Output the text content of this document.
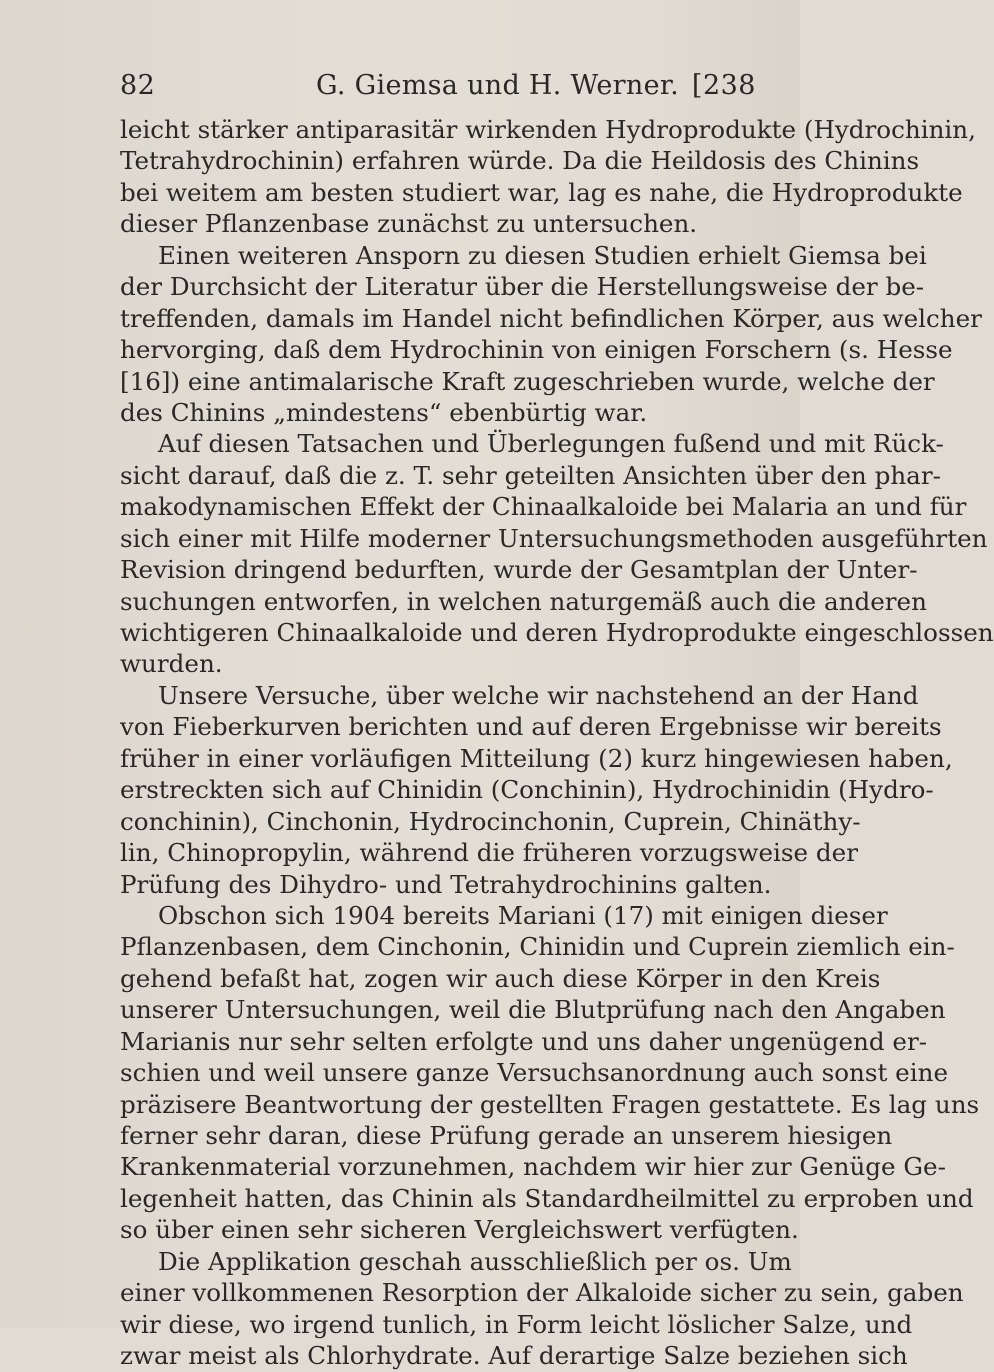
82	G. Giemsa und H. Werner. [238
leicht stärker antiparasitär wirkenden Hydroprodukte (Hydrochinin,
Tetrahydrochinin) erfahren würde. Da die Heildosis des Chinins
bei weitem am besten studiert war, lag es nahe, die Hydroprodukte
dieser Pflanzenbase zunächst zu untersuchen.
Einen weiteren Ansporn zu diesen Studien erhielt Giemsa bei
der Durchsicht der Literatur über die Herstellungsweise der be-
treffenden, damals im Handel nicht befindlichen Körper, aus welcher
hervorging, daß dem Hydrochinin von einigen Forschern (s. Hesse
[16]) eine antimalarische Kraft zugeschrieben wurde, welche der
des Chinins „mindestens“ ebenbürtig war.
Auf diesen Tatsachen und Überlegungen fußend und mit Rück-
sicht darauf, daß die z. T. sehr geteilten Ansichten über den phar-
makodynamischen Effekt der Chinaalkaloide bei Malaria an und für
sich einer mit Hilfe moderner Untersuchungsmethoden ausgeführten
Revision dringend bedurften, wurde der Gesamtplan der Unter-
suchungen entworfen, in welchen naturgemäß auch die anderen
wichtigeren Chinaalkaloide und deren Hydroprodukte eingeschlossen
wurden.
Unsere Versuche, über welche wir nachstehend an der Hand
von Fieberkurven berichten und auf deren Ergebnisse wir bereits
früher in einer vorläufigen Mitteilung (2) kurz hingewiesen haben,
erstreckten sich auf Chinidin (Conchinin), Hydrochinidin (Hydro-
conchinin), Cinchonin, Hydrocinchonin, Cuprein, Chinäthy-
lin, Chinopropylin, während die früheren vorzugsweise der
Prüfung des Dihydro- und Tetrahydrochinins galten.
Obschon sich 1904 bereits Mariani (17) mit einigen dieser
Pflanzenbasen, dem Cinchonin, Chinidin und Cuprein ziemlich ein-
gehend befaßt hat, zogen wir auch diese Körper in den Kreis
unserer Untersuchungen, weil die Blutprüfung nach den Angaben
Marianis nur sehr selten erfolgte und uns daher ungenügend er-
schien und weil unsere ganze Versuchsanordnung auch sonst eine
präzisere Beantwortung der gestellten Fragen gestattete. Es lag uns
ferner sehr daran, diese Prüfung gerade an unserem hiesigen
Krankenmaterial vorzunehmen, nachdem wir hier zur Genüge Ge-
legenheit hatten, das Chinin als Standardheilmittel zu erproben und
so über einen sehr sicheren Vergleichswert verfügten.
Die Applikation geschah ausschließlich per os. Um
einer vollkommenen Resorption der Alkaloide sicher zu sein, gaben
wir diese, wo irgend tunlich, in Form leicht löslicher Salze, und
zwar meist als Chlorhydrate. Auf derartige Salze beziehen sich
